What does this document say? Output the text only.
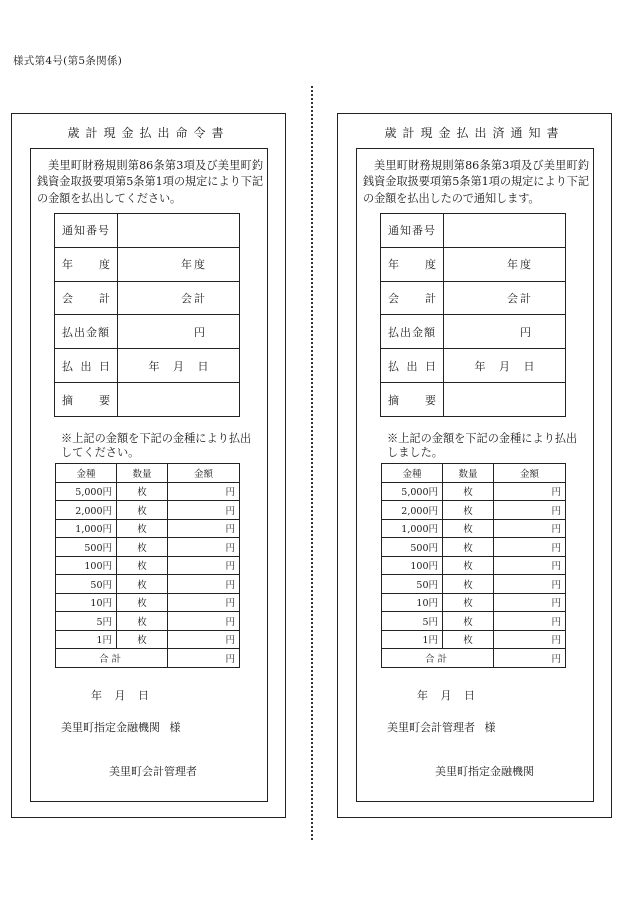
様式第4号(第5条関係)
歳計現金払出命令書
美里町財務規則第86条第3項及び美里町釣銭資金取扱要項第5条第1項の規定により下記の金額を払出してください。
通知番号
年 度	年度
会 計	会計
払出金額	円
払 出 日	年 月 日
摘 要
※上記の金額を下記の金種により払出してください。
金種	数量	金額
5,000円	枚	円
2,000円	枚	円
1,000円	枚	円
500円	枚	円
100円	枚	円
50円	枚	円
10円	枚	円
5円	枚	円
1円	枚	円
合計		円
年 月 日
美里町指定金融機関 様
美里町会計管理者
歳計現金払出済通知書
美里町財務規則第86条第3項及び美里町釣銭資金取扱要項第5条第1項の規定により下記の金額を払出したので通知します。
通知番号
年 度	年度
会 計	会計
払出金額	円
払 出 日	年 月 日
摘 要
※上記の金額を下記の金種により払出しました。
金種	数量	金額
5,000円	枚	円
2,000円	枚	円
1,000円	枚	円
500円	枚	円
100円	枚	円
50円	枚	円
10円	枚	円
5円	枚	円
1円	枚	円
合計		円
年 月 日
美里町会計管理者 様
美里町指定金融機関
